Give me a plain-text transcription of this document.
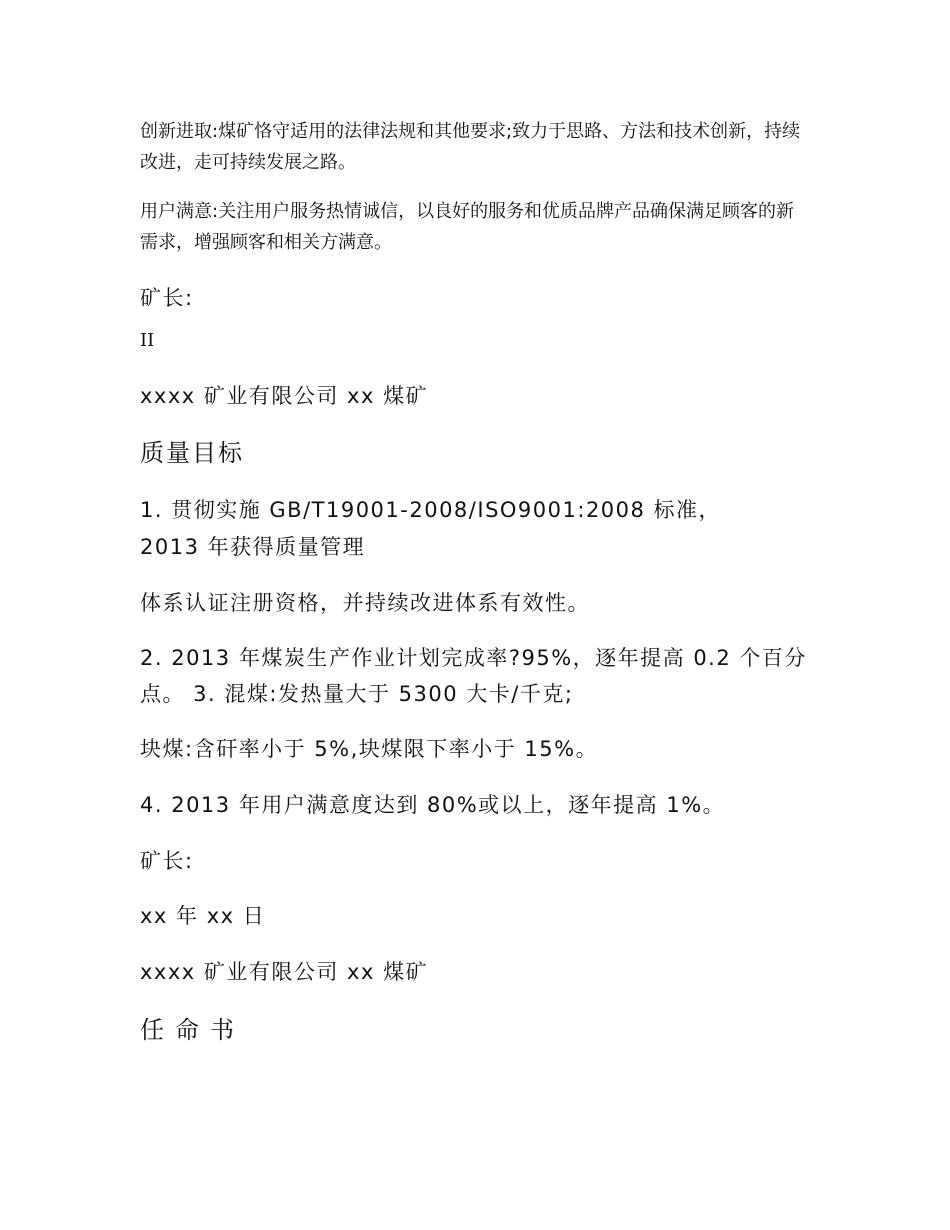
创新进取:煤矿恪守适用的法律法规和其他要求;致力于思路、方法和技术创新，持续改进，走可持续发展之路。

用户满意:关注用户服务热情诚信，以良好的服务和优质品牌产品确保满足顾客的新需求，增强顾客和相关方满意。

矿长:

II

xxxx 矿业有限公司 xx 煤矿

质量目标

1. 贯彻实施 GB/T19001-2008/ISO9001:2008 标准，

2013 年获得质量管理

体系认证注册资格，并持续改进体系有效性。

2. 2013 年煤炭生产作业计划完成率?95%，逐年提高 0.2 个百分点。 3. 混煤:发热量大于 5300 大卡/千克;

块煤:含矸率小于 5%,块煤限下率小于 15%。

4. 2013 年用户满意度达到 80%或以上，逐年提高 1%。

矿长:

xx 年 xx 日

xxxx 矿业有限公司 xx 煤矿

任命书
